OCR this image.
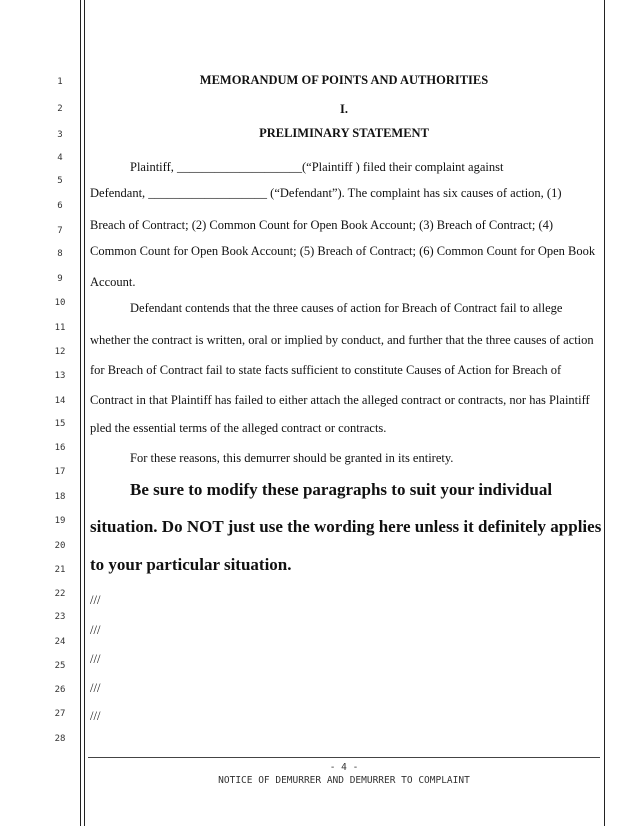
1
2
3
4
5
6
7
8
9
10
11
12
13
14
15
16
17
18
19
20
21
22
23
24
25
26
27
28
MEMORANDUM OF POINTS AND AUTHORITIES
I.
PRELIMINARY STATEMENT
Plaintiff, ____________________(“Plaintiff ) filed their complaint against
Defendant, ___________________ (“Defendant”). The complaint has six causes of action, (1)
Breach of Contract; (2) Common Count for Open Book Account; (3) Breach of Contract; (4)
Common Count for Open Book Account; (5) Breach of Contract; (6) Common Count for Open Book
Account.
Defendant contends that the three causes of action for Breach of Contract fail to allege
whether the contract is written, oral or implied by conduct, and further that the three causes of action
for Breach of Contract fail to state facts sufficient to constitute Causes of Action for Breach of
Contract in that Plaintiff has failed to either attach the alleged contract or contracts, nor has Plaintiff
pled the essential terms of the alleged contract or contracts.
For these reasons, this demurrer should be granted in its entirety.
Be sure to modify these paragraphs to suit your individual
situation. Do NOT just use the wording here unless it definitely applies
to your particular situation.
///
///
///
///
///
- 4 -
NOTICE OF DEMURRER AND DEMURRER TO COMPLAINT
